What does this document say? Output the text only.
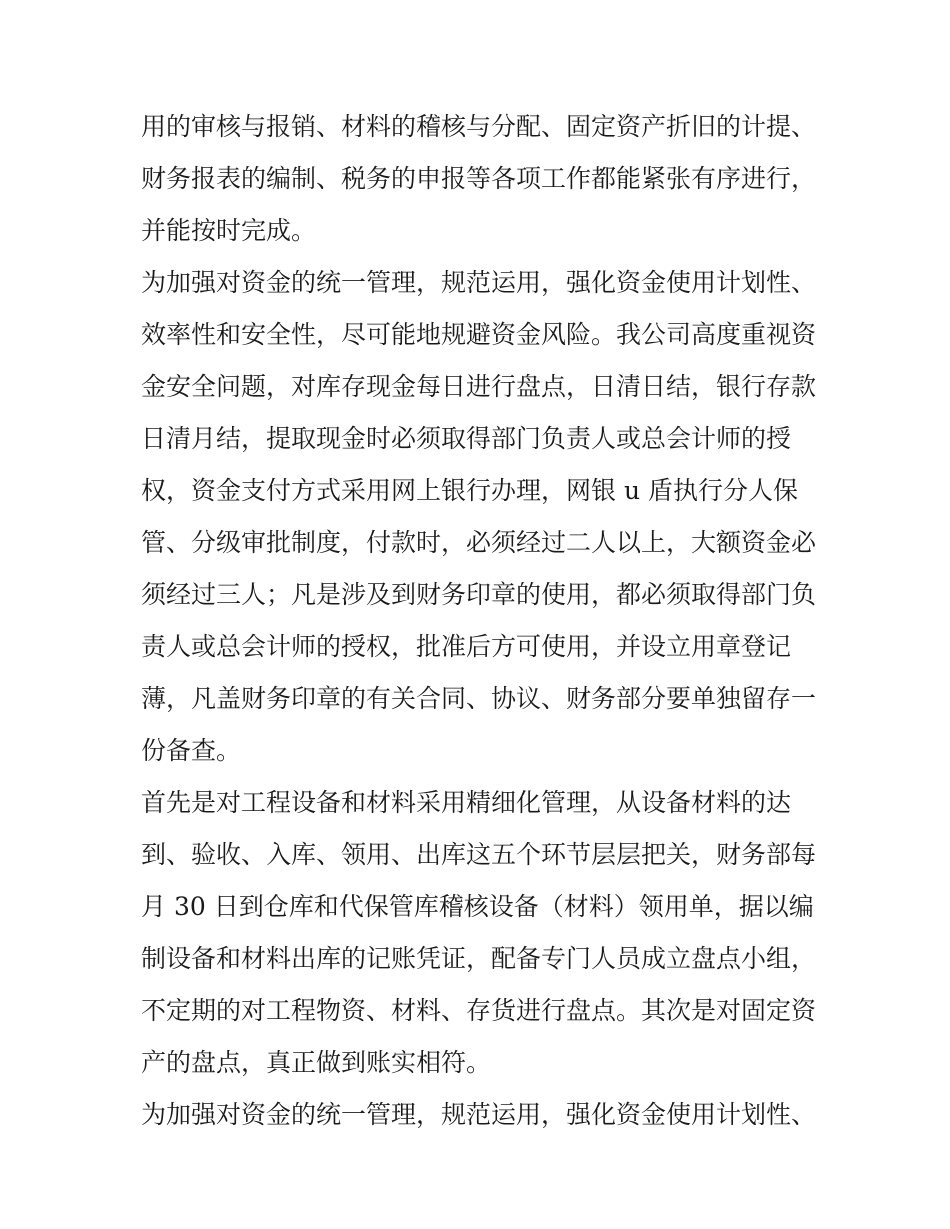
用的审核与报销、材料的稽核与分配、固定资产折旧的计提、
财务报表的编制、税务的申报等各项工作都能紧张有序进行，
并能按时完成。
为加强对资金的统一管理，规范运用，强化资金使用计划性、
效率性和安全性，尽可能地规避资金风险。我公司高度重视资
金安全问题，对库存现金每日进行盘点，日清日结，银行存款
日清月结，提取现金时必须取得部门负责人或总会计师的授
权，资金支付方式采用网上银行办理，网银 u 盾执行分人保
管、分级审批制度，付款时，必须经过二人以上，大额资金必
须经过三人；凡是涉及到财务印章的使用，都必须取得部门负
责人或总会计师的授权，批准后方可使用，并设立用章登记
薄，凡盖财务印章的有关合同、协议、财务部分要单独留存一
份备查。
首先是对工程设备和材料采用精细化管理，从设备材料的达
到、验收、入库、领用、出库这五个环节层层把关，财务部每
月 30 日到仓库和代保管库稽核设备（材料）领用单，据以编
制设备和材料出库的记账凭证，配备专门人员成立盘点小组，
不定期的对工程物资、材料、存货进行盘点。其次是对固定资
产的盘点，真正做到账实相符。
为加强对资金的统一管理，规范运用，强化资金使用计划性、
